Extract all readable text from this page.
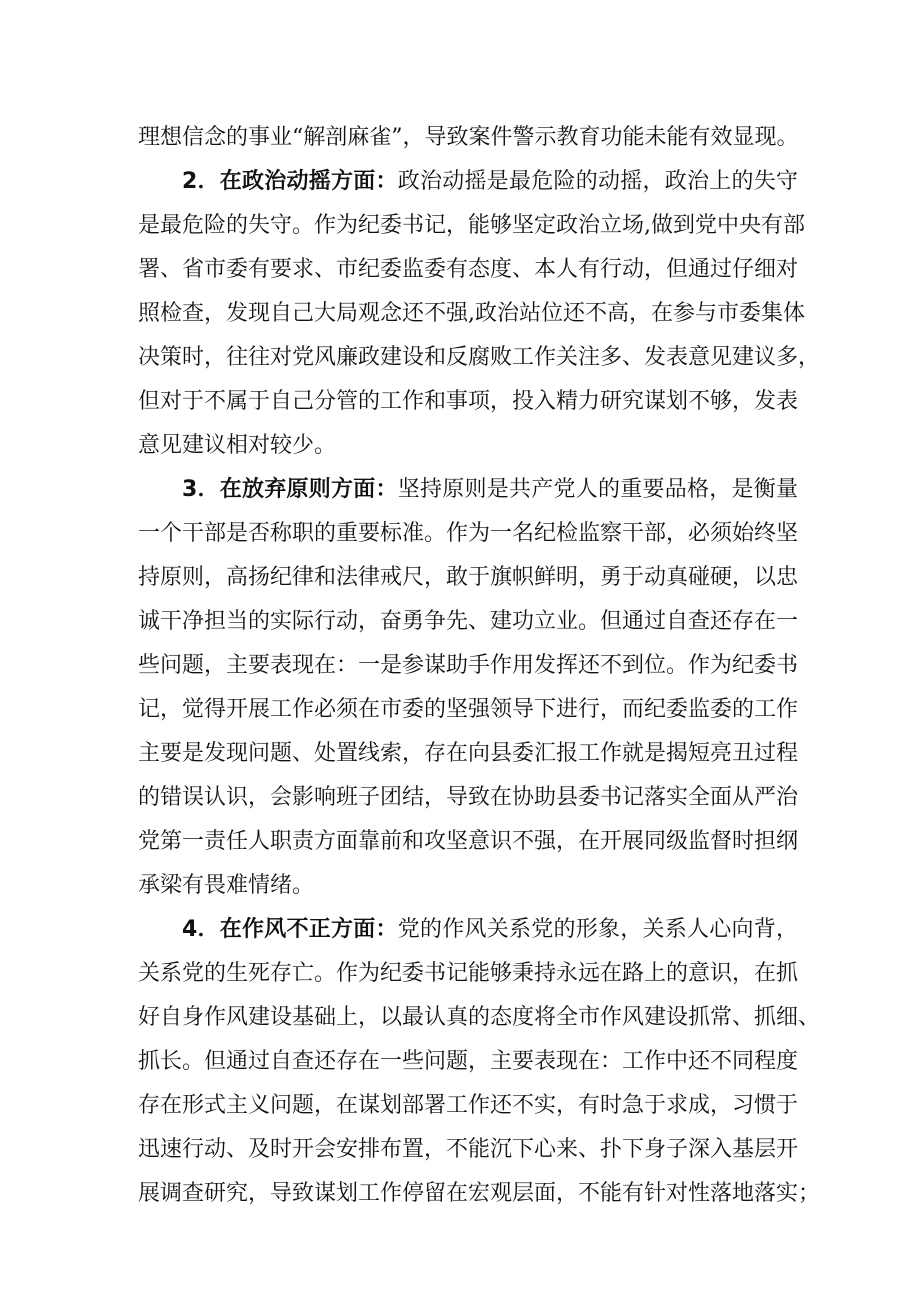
理想信念的事业“解剖麻雀”，导致案件警示教育功能未能有效显现。
2．在政治动摇方面：政治动摇是最危险的动摇，政治上的失守
是最危险的失守。作为纪委书记，能够坚定政治立场,做到党中央有部
署、省市委有要求、市纪委监委有态度、本人有行动，但通过仔细对
照检查，发现自己大局观念还不强,政治站位还不高，在参与市委集体
决策时，往往对党风廉政建设和反腐败工作关注多、发表意见建议多，
但对于不属于自己分管的工作和事项，投入精力研究谋划不够，发表
意见建议相对较少。
3．在放弃原则方面：坚持原则是共产党人的重要品格，是衡量
一个干部是否称职的重要标准。作为一名纪检监察干部，必须始终坚
持原则，高扬纪律和法律戒尺，敢于旗帜鲜明，勇于动真碰硬，以忠
诚干净担当的实际行动，奋勇争先、建功立业。但通过自查还存在一
些问题，主要表现在：一是参谋助手作用发挥还不到位。作为纪委书
记，觉得开展工作必须在市委的坚强领导下进行，而纪委监委的工作
主要是发现问题、处置线索，存在向县委汇报工作就是揭短亮丑过程
的错误认识，会影响班子团结，导致在协助县委书记落实全面从严治
党第一责任人职责方面靠前和攻坚意识不强，在开展同级监督时担纲
承梁有畏难情绪。
4．在作风不正方面：党的作风关系党的形象，关系人心向背，
关系党的生死存亡。作为纪委书记能够秉持永远在路上的意识，在抓
好自身作风建设基础上，以最认真的态度将全市作风建设抓常、抓细、
抓长。但通过自查还存在一些问题，主要表现在：工作中还不同程度
存在形式主义问题，在谋划部署工作还不实，有时急于求成，习惯于
迅速行动、及时开会安排布置，不能沉下心来、扑下身子深入基层开
展调查研究，导致谋划工作停留在宏观层面，不能有针对性落地落实；
